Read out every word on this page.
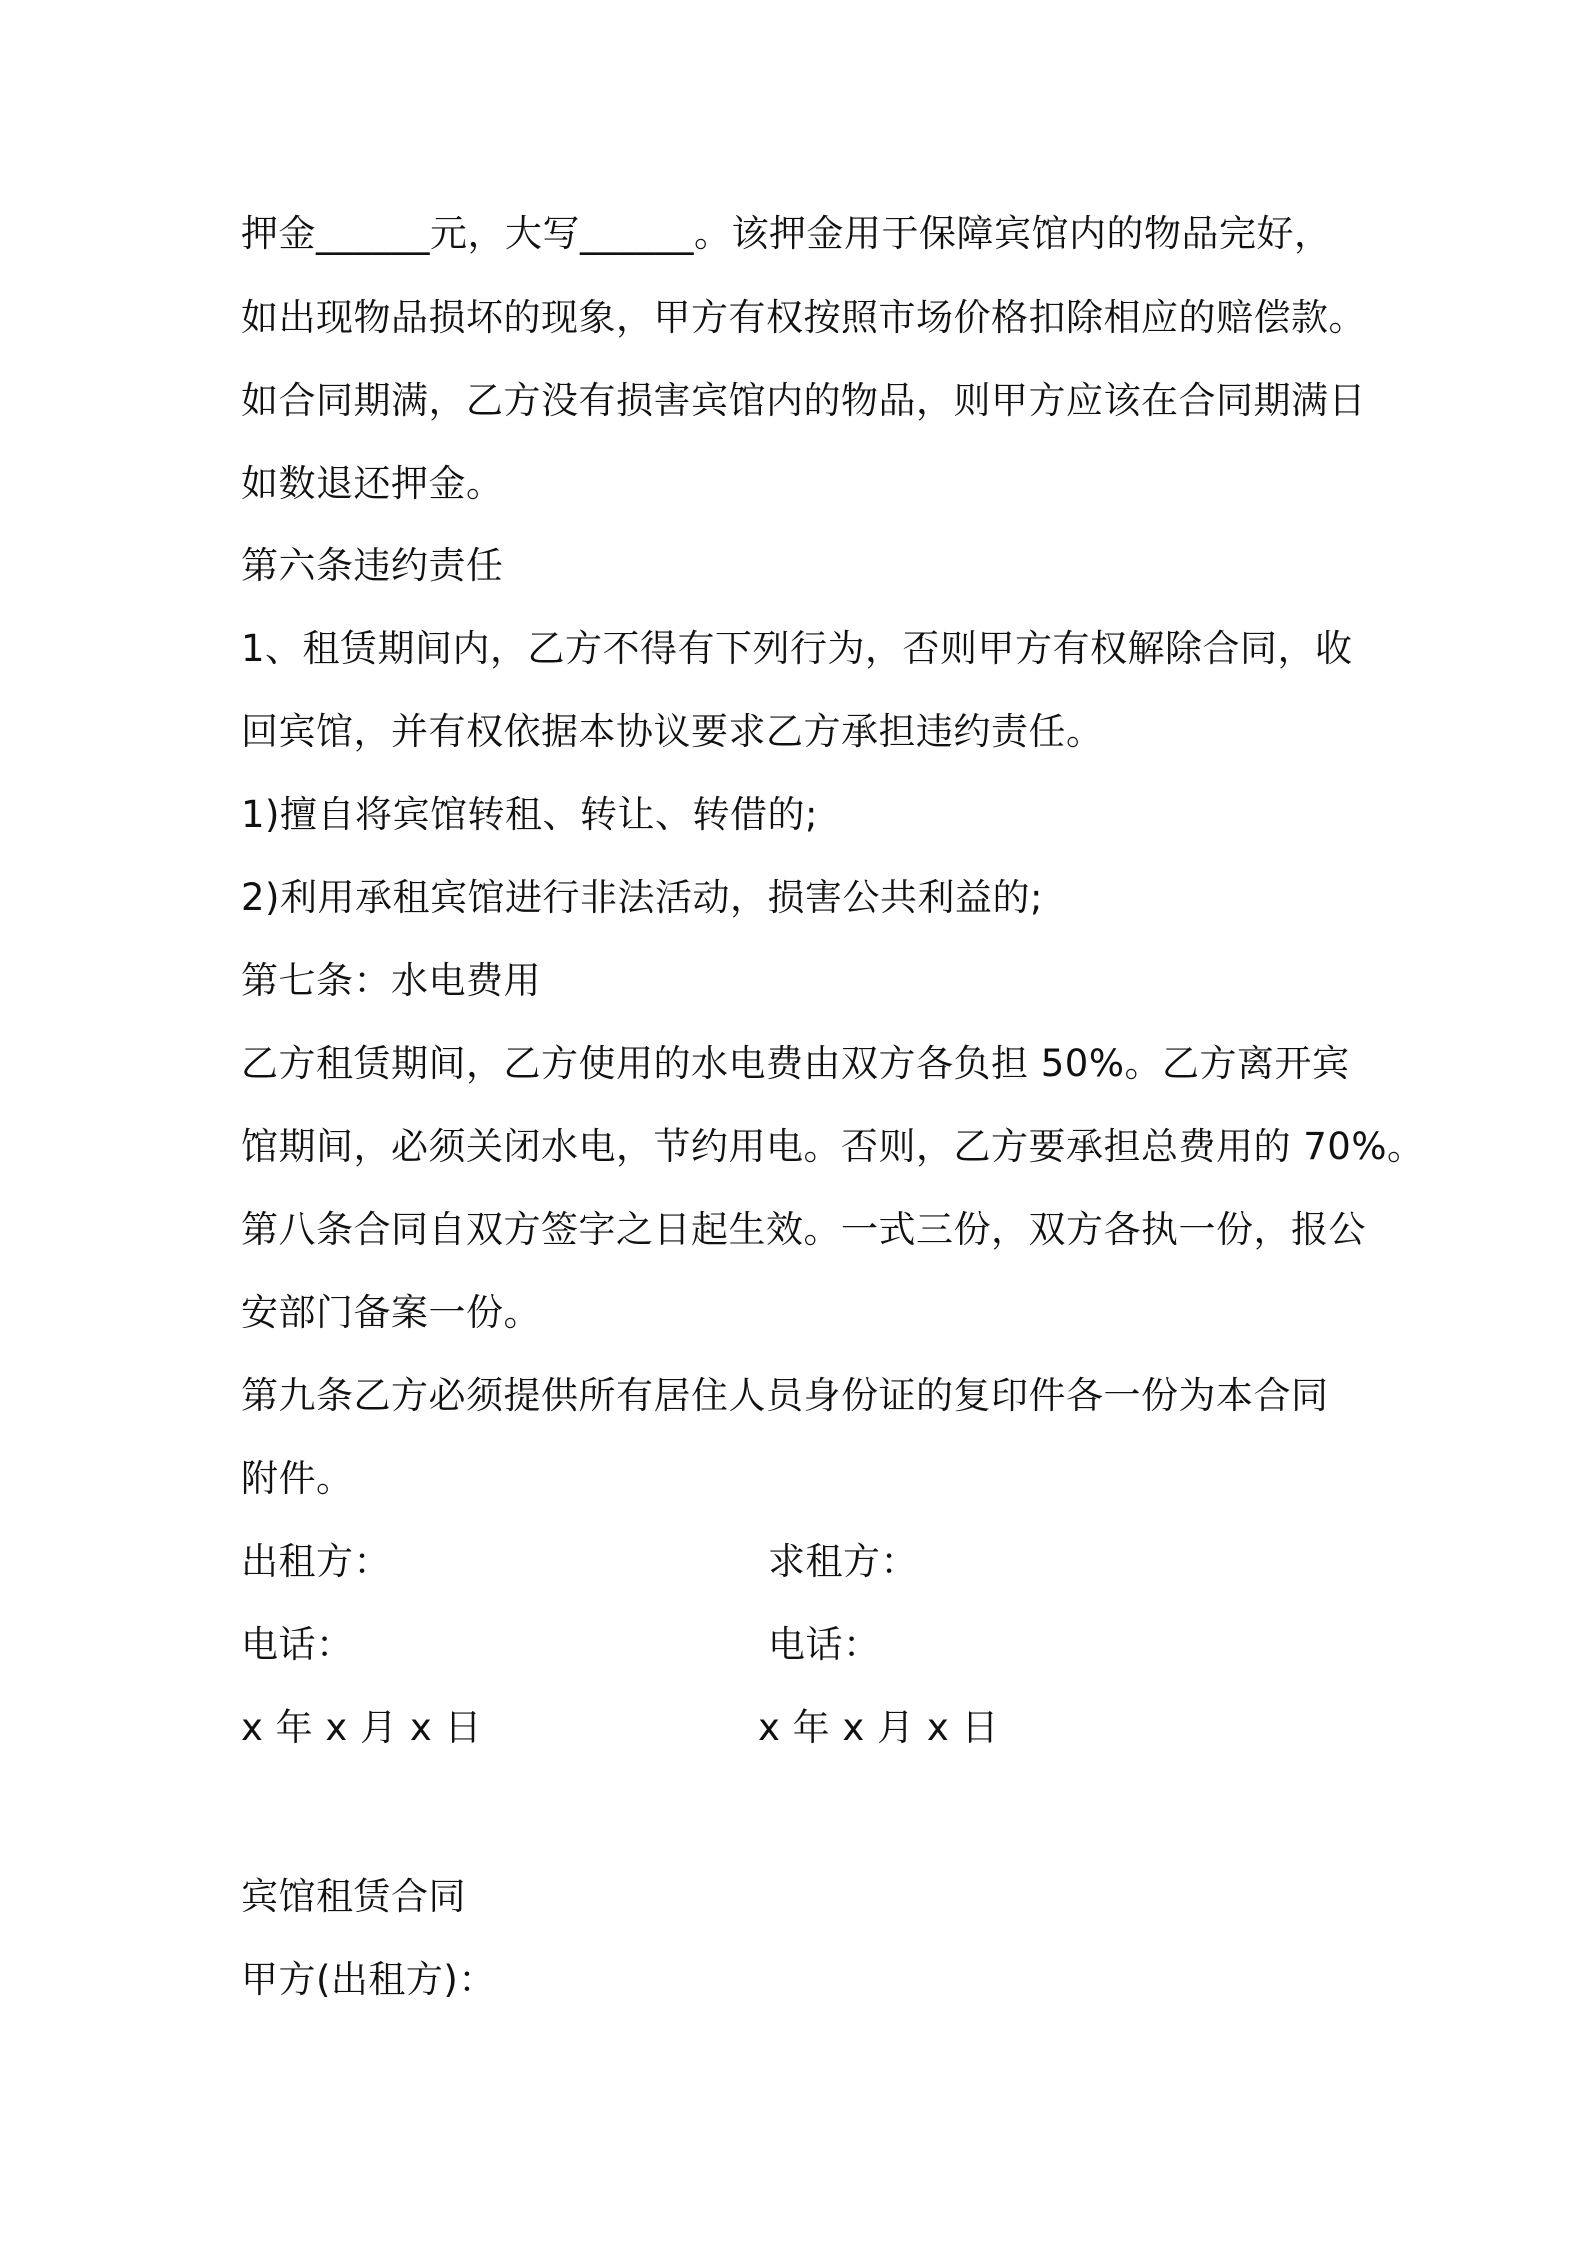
押金______元，大写______。该押金用于保障宾馆内的物品完好，
如出现物品损坏的现象，甲方有权按照市场价格扣除相应的赔偿款。
如合同期满，乙方没有损害宾馆内的物品，则甲方应该在合同期满日
如数退还押金。
第六条违约责任
1、租赁期间内，乙方不得有下列行为，否则甲方有权解除合同，收
回宾馆，并有权依据本协议要求乙方承担违约责任。
1)擅自将宾馆转租、转让、转借的;
2)利用承租宾馆进行非法活动，损害公共利益的;
第七条：水电费用
乙方租赁期间，乙方使用的水电费由双方各负担 50%。乙方离开宾
馆期间，必须关闭水电，节约用电。否则，乙方要承担总费用的 70%。
第八条合同自双方签字之日起生效。一式三份，双方各执一份，报公
安部门备案一份。
第九条乙方必须提供所有居住人员身份证的复印件各一份为本合同
附件。
出租方：	求租方：
电话：	电话：
x 年 x 月 x 日	x 年 x 月 x 日
宾馆租赁合同
甲方(出租方)：
